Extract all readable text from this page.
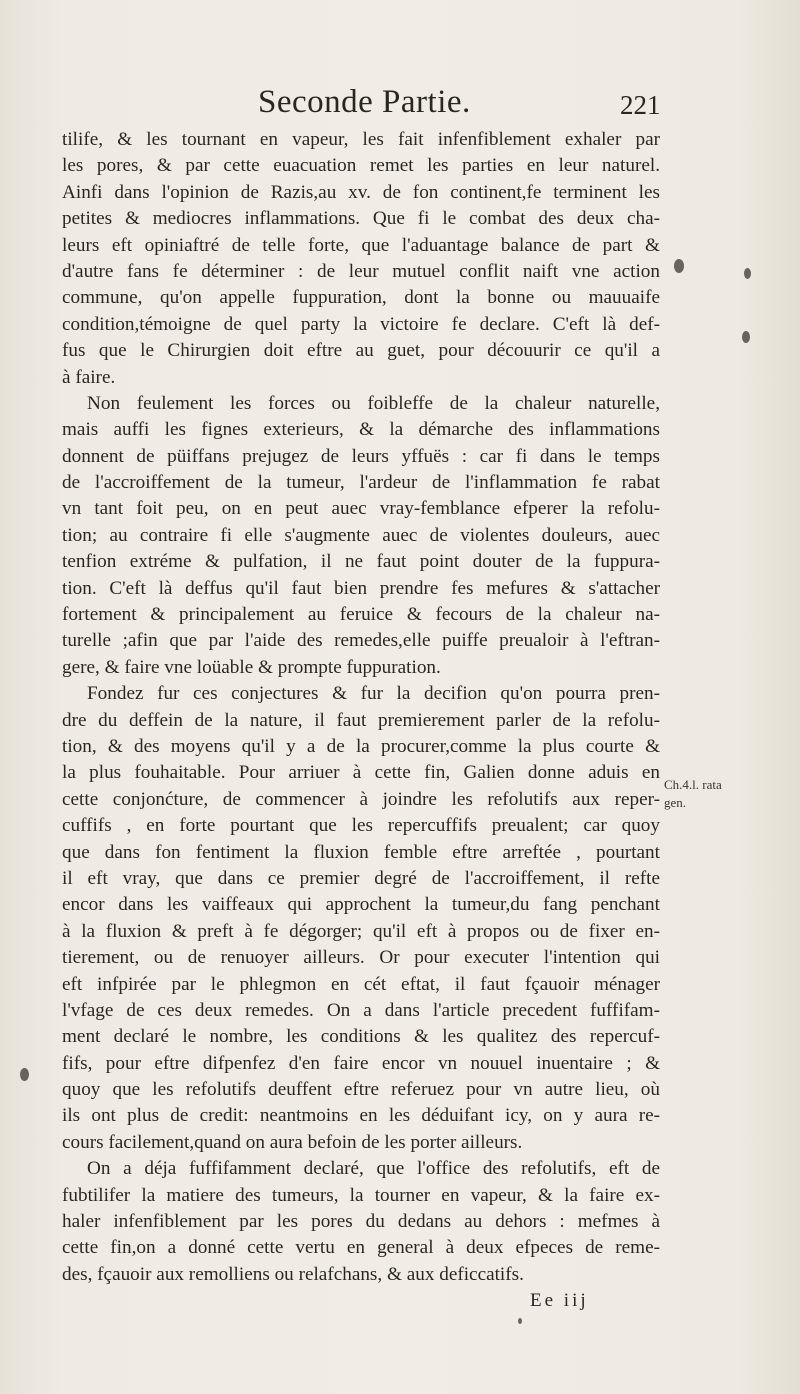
Seconde Partie.	221
tilife, & les tournant en vapeur, les fait infenfiblement exhaler par
les pores, & par cette euacuation remet les parties en leur naturel.
Ainfi dans l'opinion de Razis,au xv. de fon continent,fe terminent les
petites & mediocres inflammations. Que fi le combat des deux cha-
leurs eft opiniaftré de telle forte, que l'aduantage balance de part &
d'autre fans fe déterminer : de leur mutuel conflit naift vne action
commune, qu'on appelle fuppuration, dont la bonne ou mauuaife
condition,témoigne de quel party la victoire fe declare. C'eft là def-
fus que le Chirurgien doit eftre au guet, pour découurir ce qu'il a
à faire.
Non feulement les forces ou foibleffe de la chaleur naturelle,
mais auffi les fignes exterieurs, & la démarche des inflammations
donnent de püiffans prejugez de leurs yffuës : car fi dans le temps
de l'accroiffement de la tumeur, l'ardeur de l'inflammation fe rabat
vn tant foit peu, on en peut auec vray-femblance efperer la refolu-
tion; au contraire fi elle s'augmente auec de violentes douleurs, auec
tenfion extréme & pulfation, il ne faut point douter de la fuppura-
tion. C'eft là deffus qu'il faut bien prendre fes mefures & s'attacher
fortement & principalement au feruice & fecours de la chaleur na-
turelle ;afin que par l'aide des remedes,elle puiffe preualoir à l'eftran-
gere, & faire vne loüable & prompte fuppuration.
Fondez fur ces conjectures & fur la decifion qu'on pourra pren-
dre du deffein de la nature, il faut premierement parler de la refolu-
tion, & des moyens qu'il y a de la procurer,comme la plus courte &
la plus fouhaitable. Pour arriuer à cette fin, Galien donne aduis en
cette conjonćture, de commencer à joindre les refolutifs aux reper-
cuffifs , en forte pourtant que les repercuffifs preualent; car quoy
que dans fon fentiment la fluxion femble eftre arreftée , pourtant
il eft vray, que dans ce premier degré de l'accroiffement, il refte
encor dans les vaiffeaux qui approchent la tumeur,du fang penchant
à la fluxion & preft à fe dégorger; qu'il eft à propos ou de fixer en-
tierement, ou de renuoyer ailleurs. Or pour executer l'intention qui
eft infpirée par le phlegmon en cét eftat, il faut fçauoir ménager
l'vfage de ces deux remedes. On a dans l'article precedent fuffifam-
ment declaré le nombre, les conditions & les qualitez des repercuf-
fifs, pour eftre difpenfez d'en faire encor vn nouuel inuentaire ; &
quoy que les refolutifs deuffent eftre referuez pour vn autre lieu, où
ils ont plus de credit: neantmoins en les déduifant icy, on y aura re-
cours facilement,quand on aura befoin de les porter ailleurs.
On a déja fuffifamment declaré, que l'office des refolutifs, eft de
fubtilifer la matiere des tumeurs, la tourner en vapeur, & la faire ex-
haler infenfiblement par les pores du dedans au dehors : mefmes à
cette fin,on a donné cette vertu en general à deux efpeces de reme-
des, fçauoir aux remolliens ou relafchans, & aux deficcatifs.
Ch.4.l. rata
gen.
Ee iij
